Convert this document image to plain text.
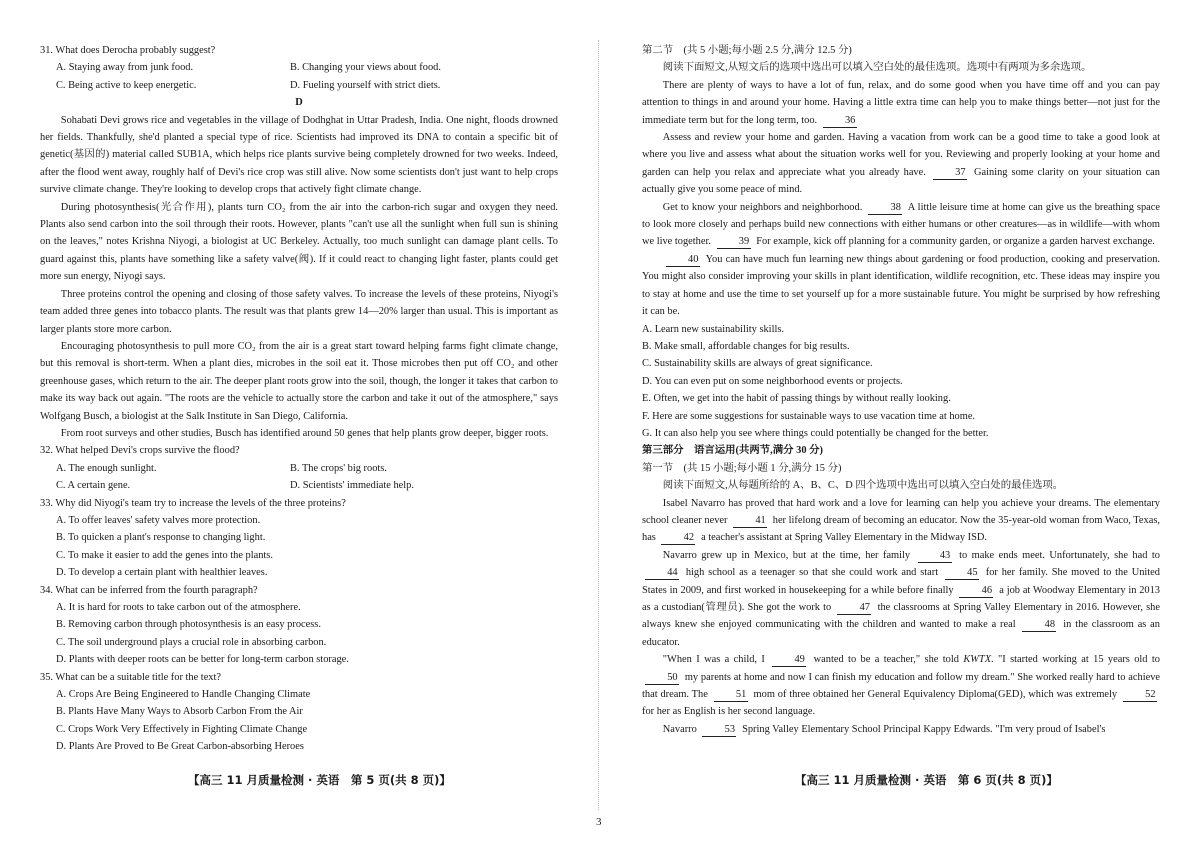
31. What does Derocha probably suggest?

A. Staying away from junk food.	B. Changing your views about food.
C. Being active to keep energetic.	D. Fueling yourself with strict diets.

D

Sohabati Devi grows rice and vegetables in the village of Dodhghat in Uttar Pradesh, India. One night, floods drowned her fields. Thankfully, she'd planted a special type of rice. Scientists had improved its DNA to contain a specific bit of genetic(基因的) material called SUB1A, which helps rice plants survive being completely drowned for two weeks. Indeed, after the flood went away, roughly half of Devi's rice crop was still alive. Now some scientists don't just want to help crops survive climate change. They're looking to develop crops that actively fight climate change.

During photosynthesis(光合作用), plants turn CO₂ from the air into the carbon-rich sugar and oxygen they need. Plants also send carbon into the soil through their roots. However, plants "can't use all the sunlight when full sun is shining on the leaves," notes Krishna Niyogi, a biologist at UC Berkeley. Actually, too much sunlight can damage plant cells. To guard against this, plants have something like a safety valve(阀). If it could react to changing light faster, plants could get more sun energy, Niyogi says.

Three proteins control the opening and closing of those safety valves. To increase the levels of these proteins, Niyogi's team added three genes into tobacco plants. The result was that plants grew 14—20% larger than usual. This is important as larger plants store more carbon.

Encouraging photosynthesis to pull more CO₂ from the air is a great start toward helping farms fight climate change, but this removal is short-term. When a plant dies, microbes in the soil eat it. Those microbes then put off CO₂ and other greenhouse gases, which return to the air. The deeper plant roots grow into the soil, though, the longer it takes that carbon to make its way back out again. "The roots are the vehicle to actually store the carbon and take it out of the atmosphere," says Wolfgang Busch, a biologist at the Salk Institute in San Diego, California.

From root surveys and other studies, Busch has identified around 50 genes that help plants grow deeper, bigger roots.

32. What helped Devi's crops survive the flood?

A. The enough sunlight.	B. The crops' big roots.
C. A certain gene.	D. Scientists' immediate help.

33. Why did Niyogi's team try to increase the levels of the three proteins?

A. To offer leaves' safety valves more protection.

B. To quicken a plant's response to changing light.

C. To make it easier to add the genes into the plants.

D. To develop a certain plant with healthier leaves.

34. What can be inferred from the fourth paragraph?

A. It is hard for roots to take carbon out of the atmosphere.

B. Removing carbon through photosynthesis is an easy process.

C. The soil underground plays a crucial role in absorbing carbon.

D. Plants with deeper roots can be better for long-term carbon storage.

35. What can be a suitable title for the text?

A. Crops Are Being Engineered to Handle Changing Climate

B. Plants Have Many Ways to Absorb Carbon From the Air

C. Crops Work Very Effectively in Fighting Climate Change

D. Plants Are Proved to Be Great Carbon-absorbing Heroes

第二节　(共 5 小题;每小题 2.5 分,满分 12.5 分)

阅读下面短文,从短文后的选项中选出可以填入空白处的最佳选项。选项中有两项为多余选项。

There are plenty of ways to have a lot of fun, relax, and do some good when you have time off and you can pay attention to things in and around your home. Having a little extra time can help you to make things better—not just for the immediate term but for the long term, too.	36

Assess and review your home and garden. Having a vacation from work can be a good time to take a good look at where you live and assess what about the situation works well for you. Reviewing and properly looking at your home and garden can help you relax and appreciate what you already have.	37 Gaining some clarity on your situation can actually give you some peace of mind.

Get to know your neighbors and neighborhood.	38 A little leisure time at home can give us the breathing space to look more closely and perhaps build new connections with either humans or other creatures—as in wildlife—with whom we live together.	39 For example, kick off planning for a community garden, or organize a garden harvest exchange.

40 You can have much fun learning new things about gardening or food production, cooking and preservation. You might also consider improving your skills in plant identification, wildlife recognition, etc. These ideas may inspire you to stay at home and use the time to set yourself up for a more sustainable future. You might be surprised by how refreshing it can be.

A. Learn new sustainability skills.

B. Make small, affordable changes for big results.

C. Sustainability skills are always of great significance.

D. You can even put on some neighborhood events or projects.

E. Often, we get into the habit of passing things by without really looking.

F. Here are some suggestions for sustainable ways to use vacation time at home.

G. It can also help you see where things could potentially be changed for the better.

第三部分　语言运用(共两节,满分 30 分)

第一节　(共 15 小题;每小题 1 分,满分 15 分)

阅读下面短文,从每题所给的 A、B、C、D 四个选项中选出可以填入空白处的最佳选项。

Isabel Navarro has proved that hard work and a love for learning can help you achieve your dreams. The elementary school cleaner never	41 her lifelong dream of becoming an educator. Now the 35-year-old woman from Waco, Texas, has	42 a teacher's assistant at Spring Valley Elementary in the Midway ISD.

Navarro grew up in Mexico, but at the time, her family	43 to make ends meet. Unfortunately, she had to 44 high school as a teenager so that she could work and start	45 for her family. She moved to the United States in 2009, and first worked in housekeeping for a while before finally	46 a job at Woodway Elementary in 2013 as a custodian(管理员). She got the work to	47 the classrooms at Spring Valley Elementary in 2016. However, she always knew she enjoyed communicating with the children and wanted to make a real	48 in the classroom as an educator.

"When I was a child, I	49 wanted to be a teacher," she told KWTX. "I started working at 15 years old to 50 my parents at home and now I can finish my education and follow my dream." She worked really hard to achieve that dream. The	51 mom of three obtained her General Equivalency Diploma(GED), which was extremely	52 for her as English is her second language.

Navarro	53 Spring Valley Elementary School Principal Kappy Edwards. "I'm very proud of Isabel's

【高三 11 月质量检测 · 英语　第 5 页(共 8 页)】	【高三 11 月质量检测 · 英语　第 6 页(共 8 页)】
3
